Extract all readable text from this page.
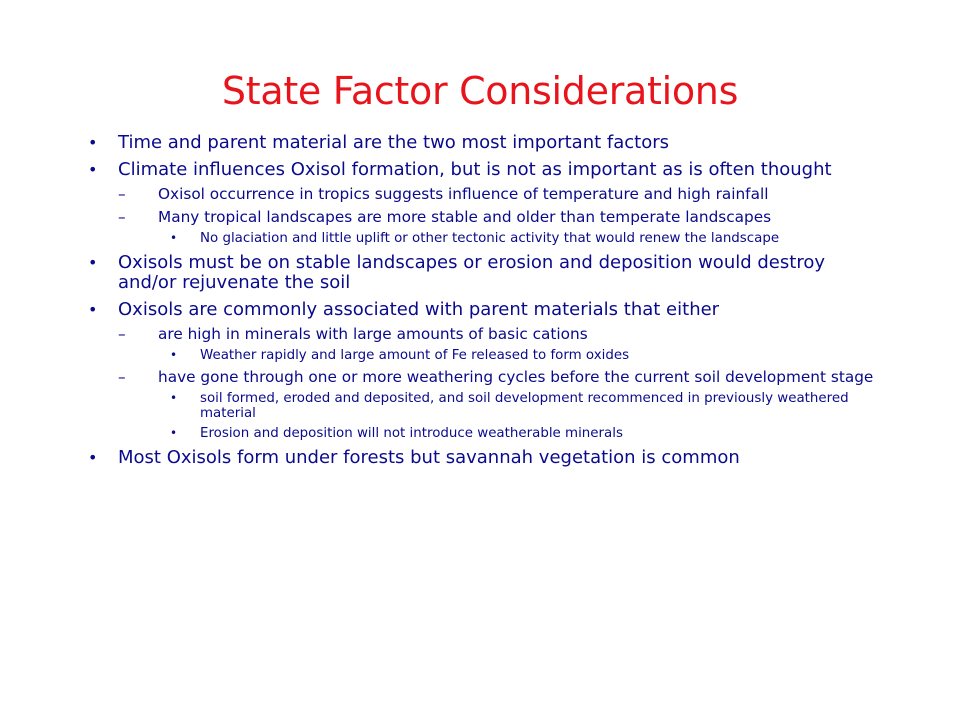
State Factor Considerations
• Time and parent material are the two most important factors
• Climate influences Oxisol formation, but is not as important as is often thought
– Oxisol occurrence in tropics suggests influence of temperature and high rainfall
– Many tropical landscapes are more stable and older than temperate landscapes
• No glaciation and little uplift or other tectonic activity that would renew the landscape
• Oxisols must be on stable landscapes or erosion and deposition would destroy and/or rejuvenate the soil
• Oxisols are commonly associated with parent materials that either
– are high in minerals with large amounts of basic cations
• Weather rapidly and large amount of Fe released to form oxides
– have gone through one or more weathering cycles before the current soil development stage
• soil formed, eroded and deposited, and soil development recommenced in previously weathered material
• Erosion and deposition will not introduce weatherable minerals
• Most Oxisols form under forests but savannah vegetation is common
